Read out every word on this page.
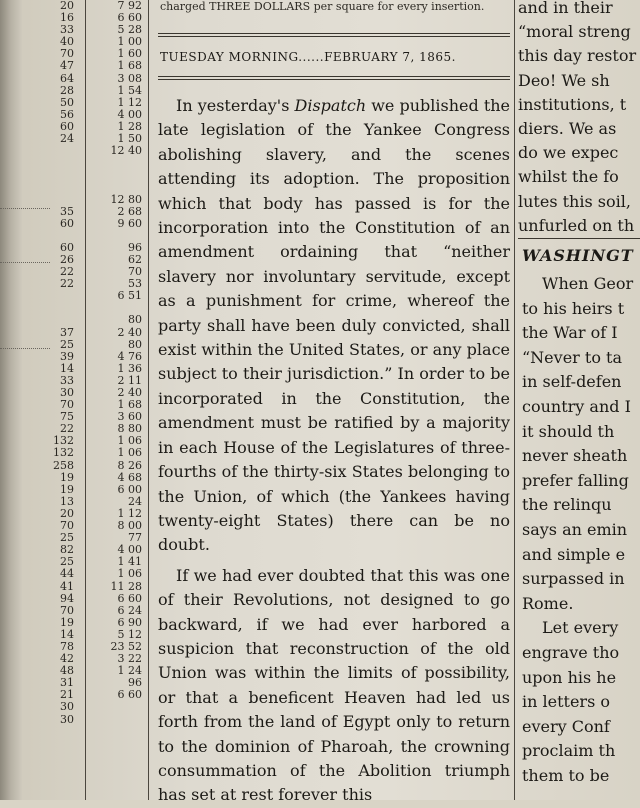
20
16
33
40
70
47
64
28
50
56
60
24
35
60
60
26
22
22
37
25
39
14
33
30
70
75
22
132
132
258
19
19
13
20
70
25
82
25
44
41
94
70
19
14
78
42
48
31
21
30
30
7 92
6 60
5 28
1 00
1 60
1 68
3 08
1 54
1 12
4 00
1 28
1 50
12 40
12 80
2 68
9 60
96
62
70
53
6 51
80
2 40
80
4 76
1 36
2 11
2 40
1 68
3 60
8 80
1 06
1 06
8 26
4 68
6 00
24
1 12
8 00
77
4 00
1 41
1 06
11 28
6 60
6 24
6 90
5 12
23 52
3 22
1 24
96
6 60
charged THREE DOLLARS per square for every insertion.
TUESDAY MORNING......FEBRUARY 7, 1865.

In yesterday's Dispatch we published the late legislation of the Yankee Congress abolishing slavery, and the scenes attending its adoption. The proposition which that body has passed is for the incorporation into the Constitution of an amendment ordaining that “neither slavery nor involuntary servitude, except as a punishment for crime, whereof the party shall have been duly convicted, shall exist within the United States, or any place subject to their jurisdiction.” In order to be incorporated in the Constitution, the amendment must be ratified by a majority in each House of the Legislatures of three-fourths of the thirty-six States belonging to the Union, of which (the Yankees having twenty-eight States) there can be no doubt.

If we had ever doubted that this was one of their Revolutions, not designed to go backward, if we had ever harbored a suspicion that reconstruction of the old Union was within the limits of possibility, or that a beneficent Heaven had led us forth from the land of Egypt only to return to the dominion of Pharoah, the crowning consummation of the Abolition triumph has set at rest forever this

and in their
“moral streng
this day restor
Deo! We sh
institutions, t
diers. We as
do we expec
whilst the fo
lutes this soil,
unfurled on th
WASHINGT
When Geor
to his heirs t
the War of I
“Never to ta
in self-defen
country and I
it should th
never sheath
prefer falling
the relinqu
says an emin
and simple e
surpassed in
Rome.
Let every
engrave tho
upon his he
in letters o
every Conf
proclaim th
them to be
